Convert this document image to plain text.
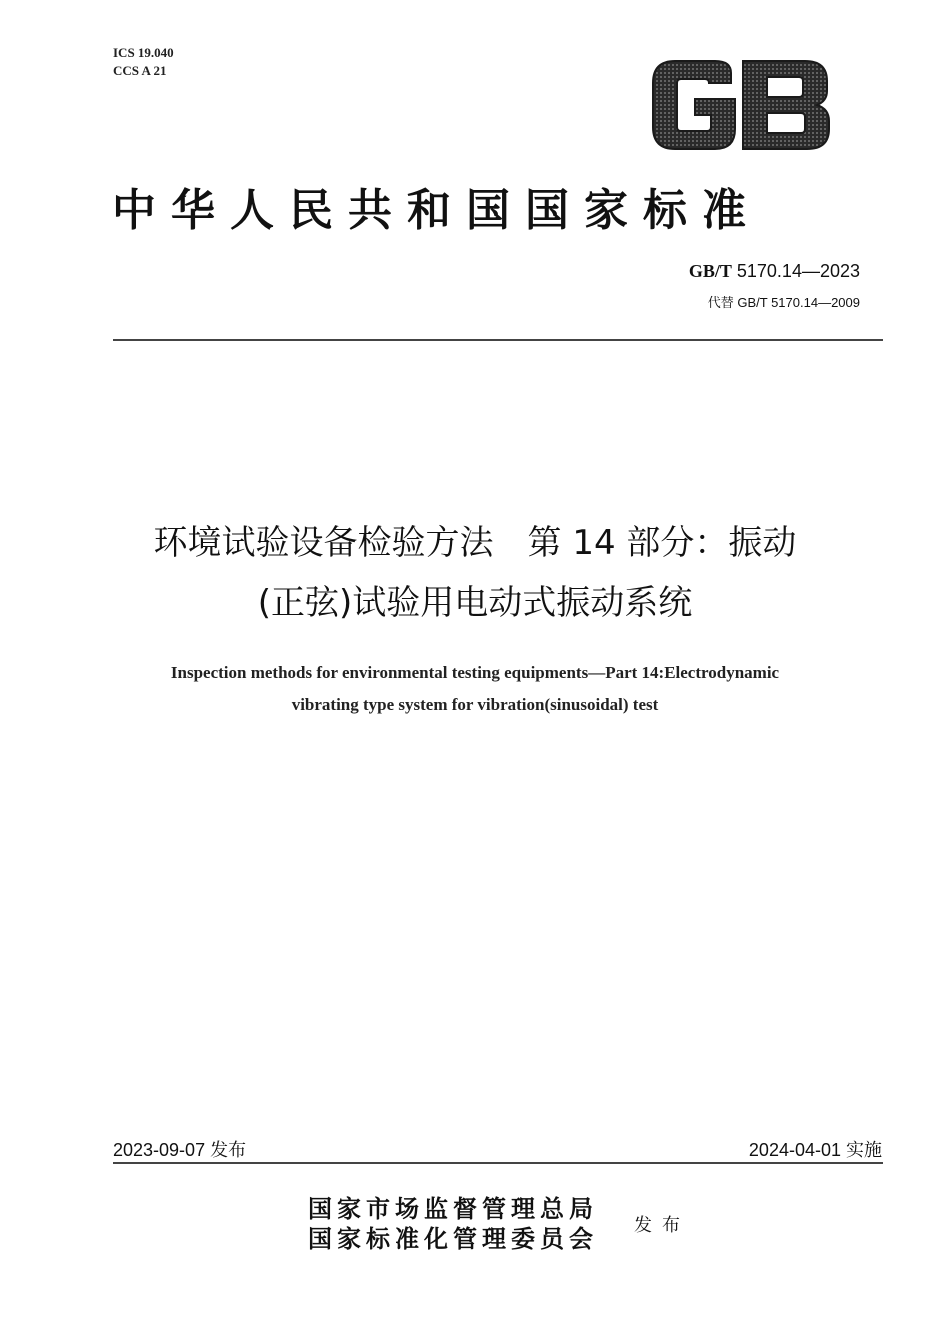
ICS 19.040
CCS A 21
中华人民共和国国家标准
GB/T 5170.14—2023
代替 GB/T 5170.14—2009
环境试验设备检验方法　第 14 部分：振动
(正弦)试验用电动式振动系统
Inspection methods for environmental testing equipments—Part 14:Electrodynamic
vibrating type system for vibration(sinusoidal) test
2023-09-07 发布	2024-04-01 实施
国家市场监督管理总局
国家标准化管理委员会 发布
